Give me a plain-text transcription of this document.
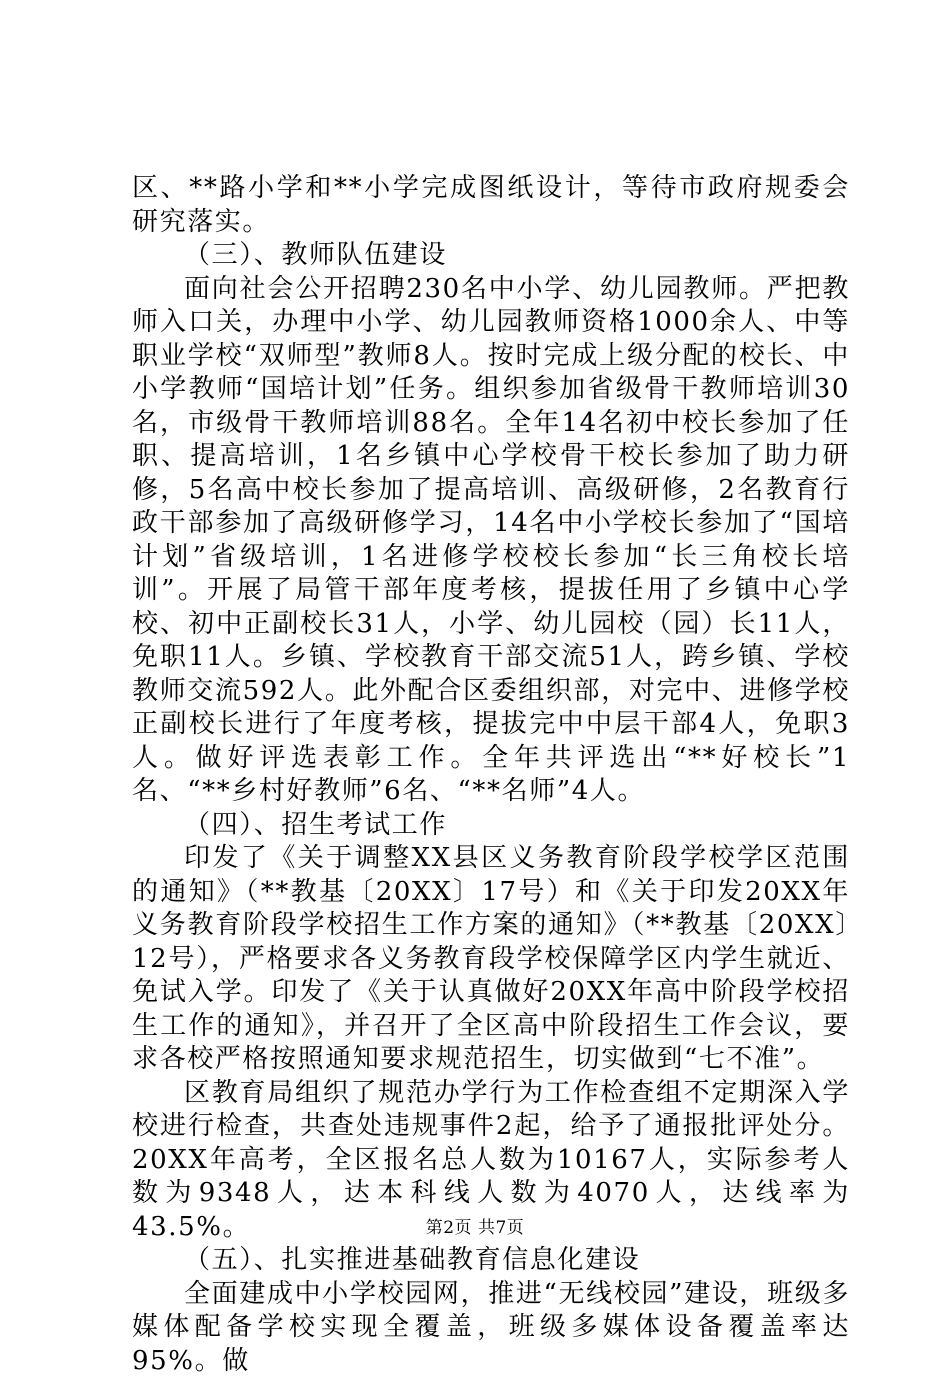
区、**路小学和**小学完成图纸设计，等待市政府规委会研究落实。

（三）、教师队伍建设

面向社会公开招聘230名中小学、幼儿园教师。严把教师入口关，办理中小学、幼儿园教师资格1000余人、中等职业学校“双师型”教师8人。按时完成上级分配的校长、中小学教师“国培计划”任务。组织参加省级骨干教师培训30名，市级骨干教师培训88名。全年14名初中校长参加了任职、提高培训，1名乡镇中心学校骨干校长参加了助力研修，5名高中校长参加了提高培训、高级研修，2名教育行政干部参加了高级研修学习，14名中小学校长参加了“国培计划”省级培训，1名进修学校校长参加“长三角校长培训”。开展了局管干部年度考核，提拔任用了乡镇中心学校、初中正副校长31人，小学、幼儿园校（园）长11人，免职11人。乡镇、学校教育干部交流51人，跨乡镇、学校教师交流592人。此外配合区委组织部，对完中、进修学校正副校长进行了年度考核，提拔完中中层干部4人，免职3人。做好评选表彰工作。全年共评选出“**好校长”1名、“**乡村好教师”6名、“**名师”4人。

（四）、招生考试工作

印发了《关于调整XX县区义务教育阶段学校学区范围的通知》（**教基〔20XX〕17号）和《关于印发20XX年义务教育阶段学校招生工作方案的通知》（**教基〔20XX〕12号），严格要求各义务教育段学校保障学区内学生就近、免试入学。印发了《关于认真做好20XX年高中阶段学校招生工作的通知》，并召开了全区高中阶段招生工作会议，要求各校严格按照通知要求规范招生，切实做到“七不准”。

区教育局组织了规范办学行为工作检查组不定期深入学校进行检查，共查处违规事件2起，给予了通报批评处分。20XX年高考，全区报名总人数为10167人，实际参考人数为9348人，达本科线人数为4070人，达线率为43.5%。

（五）、扎实推进基础教育信息化建设

全面建成中小学校园网，推进“无线校园”建设，班级多媒体配备学校实现全覆盖，班级多媒体设备覆盖率达95%。做

第2页 共7页
